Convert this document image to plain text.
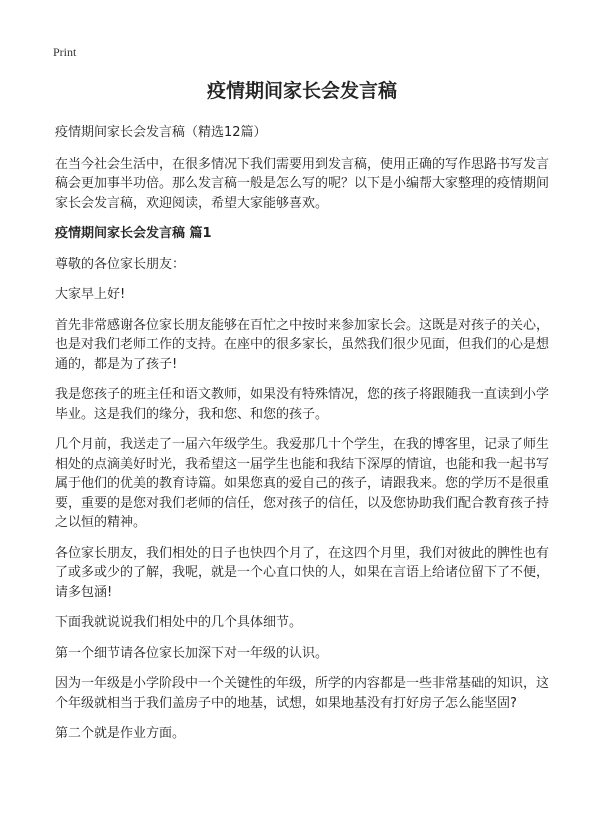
Print
疫情期间家长会发言稿

疫情期间家长会发言稿（精选12篇）

在当今社会生活中，在很多情况下我们需要用到发言稿，使用正确的写作思路书写发言稿会更加事半功倍。那么发言稿一般是怎么写的呢？以下是小编帮大家整理的疫情期间家长会发言稿，欢迎阅读，希望大家能够喜欢。

疫情期间家长会发言稿 篇1

尊敬的各位家长朋友：

大家早上好!

首先非常感谢各位家长朋友能够在百忙之中按时来参加家长会。这既是对孩子的关心，也是对我们老师工作的支持。在座中的很多家长，虽然我们很少见面，但我们的心是想通的，都是为了孩子!

我是您孩子的班主任和语文教师，如果没有特殊情况，您的孩子将跟随我一直读到小学毕业。这是我们的缘分，我和您、和您的孩子。

几个月前，我送走了一届六年级学生。我爱那几十个学生，在我的博客里，记录了师生相处的点滴美好时光，我希望这一届学生也能和我结下深厚的情谊，也能和我一起书写属于他们的优美的教育诗篇。如果您真的爱自己的孩子，请跟我来。您的学历不是很重要，重要的是您对我们老师的信任，您对孩子的信任，以及您协助我们配合教育孩子持之以恒的精神。

各位家长朋友，我们相处的日子也快四个月了，在这四个月里，我们对彼此的脾性也有了或多或少的了解，我呢，就是一个心直口快的人，如果在言语上给诸位留下了不便，请多包涵!

下面我就说说我们相处中的几个具体细节。

第一个细节请各位家长加深下对一年级的认识。

因为一年级是小学阶段中一个关键性的年级，所学的内容都是一些非常基础的知识，这个年级就相当于我们盖房子中的地基，试想，如果地基没有打好房子怎么能坚固?

第二个就是作业方面。
